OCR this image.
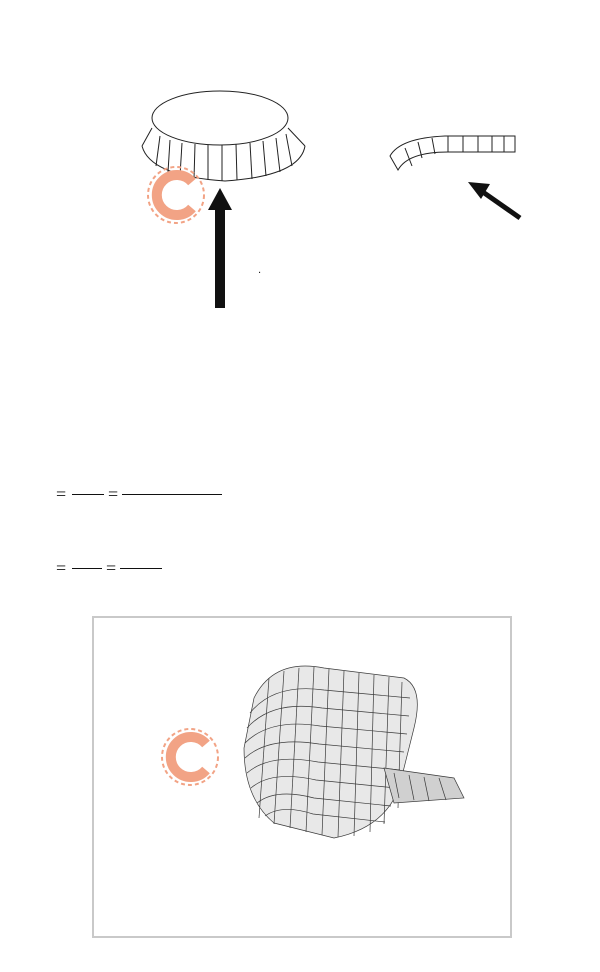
.
= =
= =
